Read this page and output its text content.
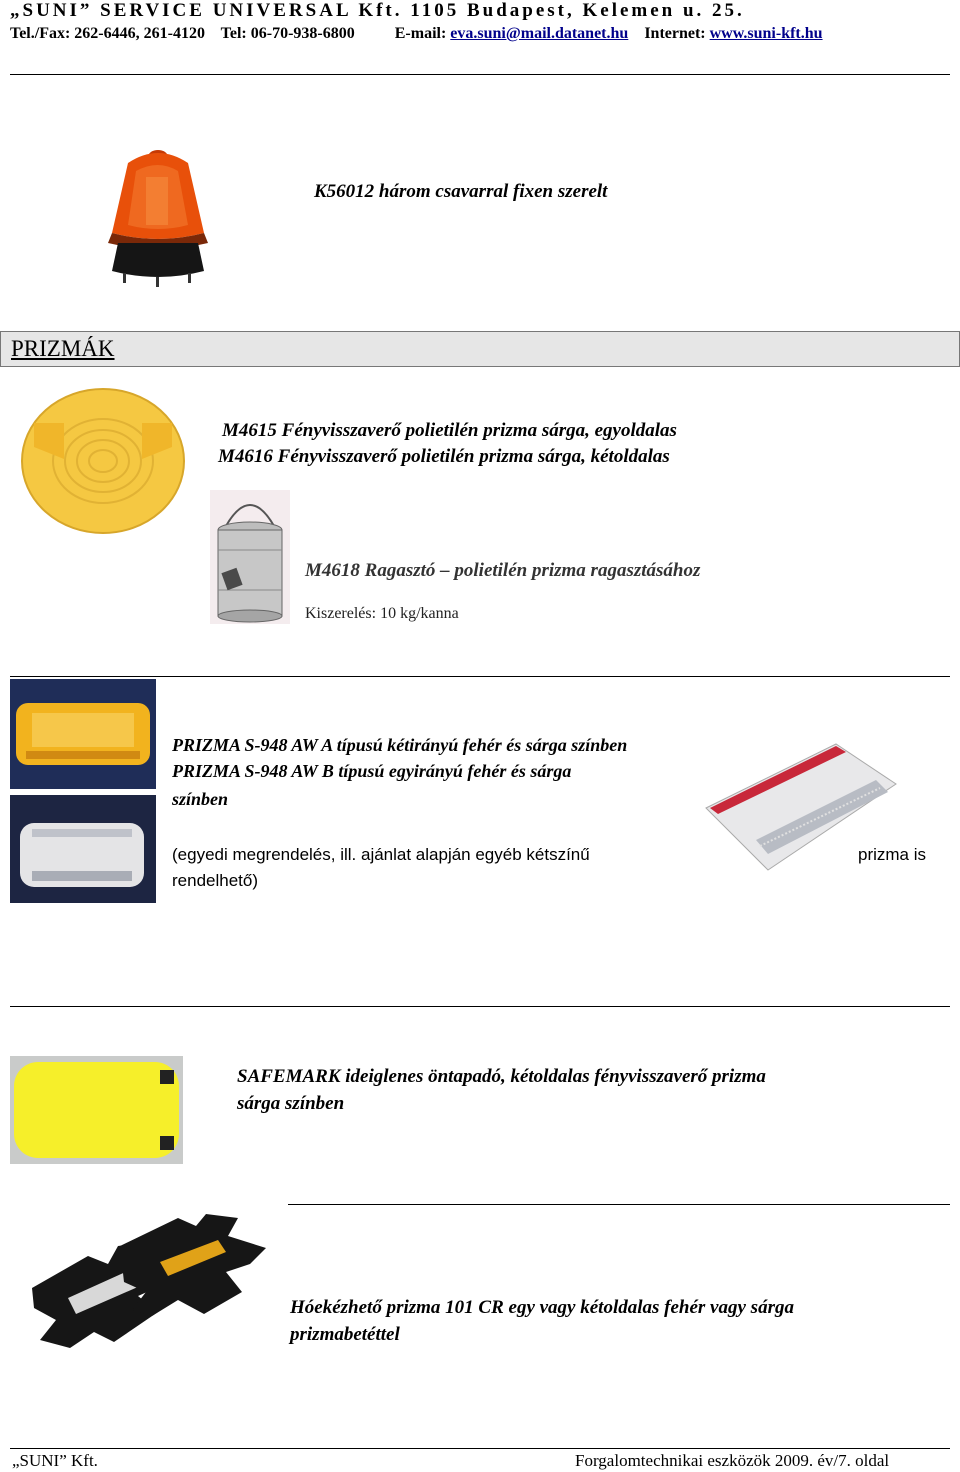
„SUNI” SERVICE UNIVERSAL Kft. 1105 Budapest, Kelemen u. 25.
Tel./Fax: 262-6446, 261-4120 Tel: 06-70-938-6800	E-mail: eva.suni@mail.datanet.hu Internet: www.suni-kft.hu
K56012 három csavarral fixen szerelt
PRIZMÁK
M4615 Fényvisszaverő polietilén prizma sárga, egyoldalas
M4616 Fényvisszaverő polietilén prizma sárga, kétoldalas
M4618 Ragasztó – polietilén prizma ragasztásához
Kiszerelés: 10 kg/kanna
PRIZMA S-948 AW A típusú kétirányú fehér és sárga színben
PRIZMA S-948 AW B típusú egyirányú fehér és sárga
színben
(egyedi megrendelés, ill. ajánlat alapján egyéb kétszínű
rendelhető)
prizma is
SAFEMARK ideiglenes öntapadó, kétoldalas fényvisszaverő prizma
sárga színben
Hóekézhető prizma 101 CR egy vagy kétoldalas fehér vagy sárga
prizmabetéttel
„SUNI” Kft.	Forgalomtechnikai eszközök 2009. év/7. oldal
